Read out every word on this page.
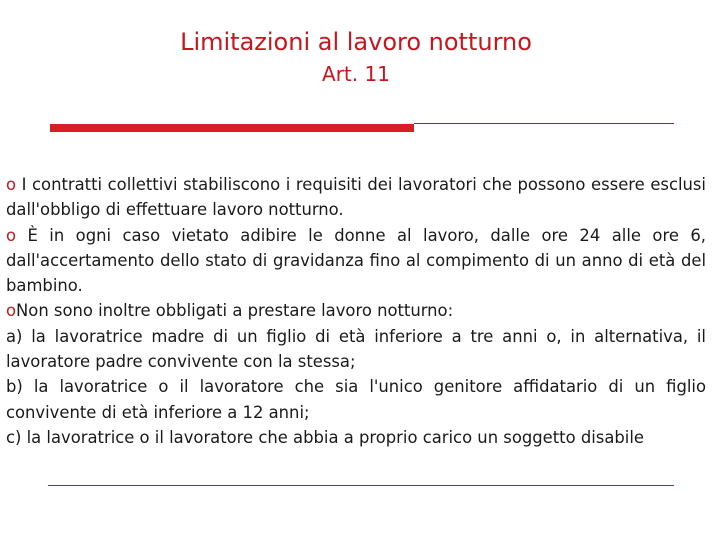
Limitazioni al lavoro notturno
Art. 11

o I contratti collettivi stabiliscono i requisiti dei lavoratori che possono essere esclusi dall'obbligo di effettuare lavoro notturno.

o È in ogni caso vietato adibire le donne al lavoro, dalle ore 24 alle ore 6, dall'accertamento dello stato di gravidanza fino al compimento di un anno di età del bambino.

oNon sono inoltre obbligati a prestare lavoro notturno:

a) la lavoratrice madre di un figlio di età inferiore a tre anni o, in alternativa, il lavoratore padre convivente con la stessa;

b) la lavoratrice o il lavoratore che sia l'unico genitore affidatario di un figlio convivente di età inferiore a 12 anni;

c) la lavoratrice o il lavoratore che abbia a proprio carico un soggetto disabile
